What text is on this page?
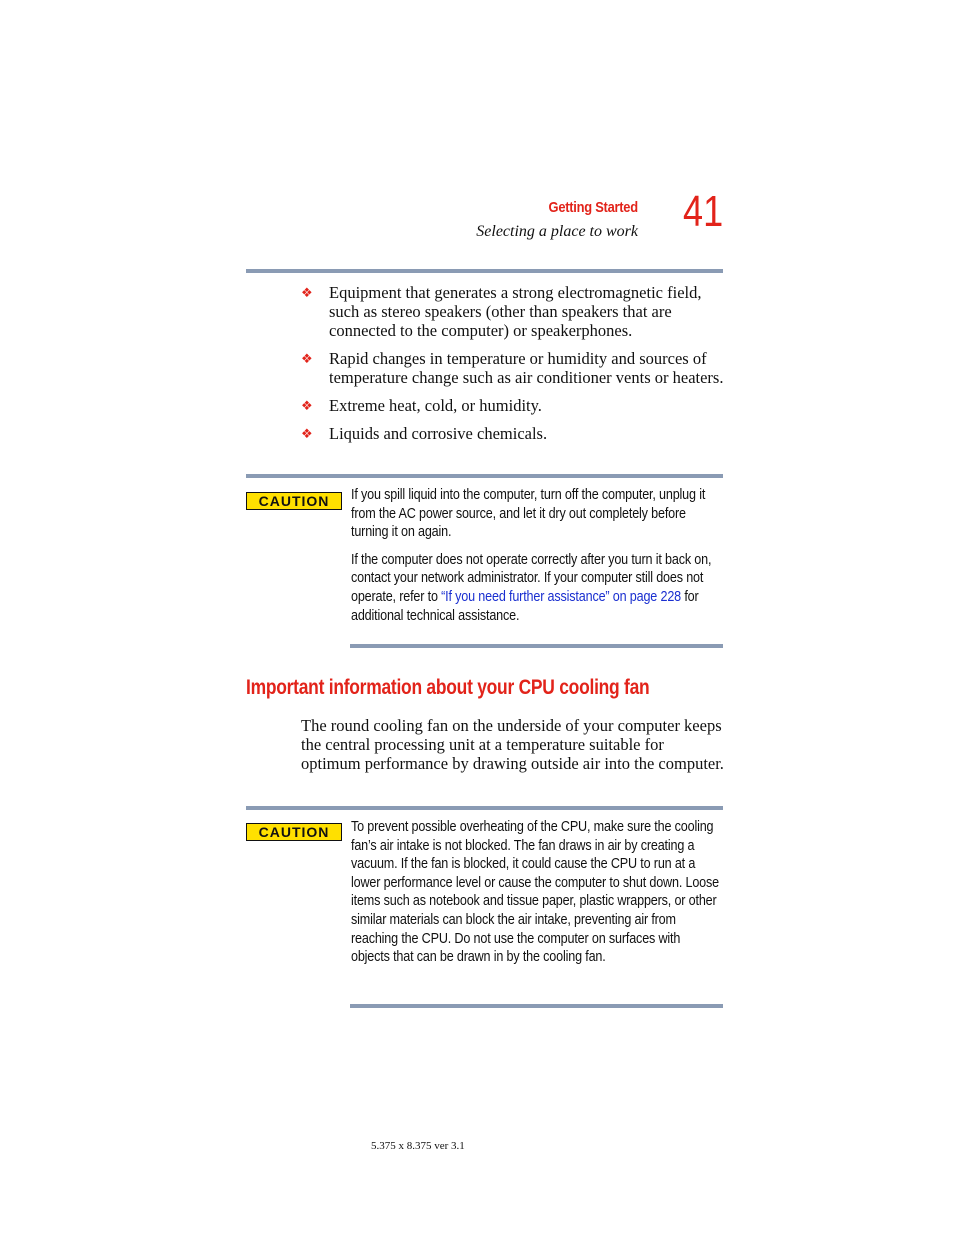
Getting Started
Selecting a place to work 41
❖ Equipment that generates a strong electromagnetic field, such as stereo speakers (other than speakers that are connected to the computer) or speakerphones.
❖ Rapid changes in temperature or humidity and sources of temperature change such as air conditioner vents or heaters.
❖ Extreme heat, cold, or humidity.
❖ Liquids and corrosive chemicals.
CAUTION	If you spill liquid into the computer, turn off the computer, unplug it from the AC power source, and let it dry out completely before turning it on again.

If the computer does not operate correctly after you turn it back on, contact your network administrator. If your computer still does not operate, refer to “If you need further assistance” on page 228 for additional technical assistance.

Important information about your CPU cooling fan
The round cooling fan on the underside of your computer keeps the central processing unit at a temperature suitable for optimum performance by drawing outside air into the computer.
CAUTION	To prevent possible overheating of the CPU, make sure the cooling fan’s air intake is not blocked. The fan draws in air by creating a vacuum. If the fan is blocked, it could cause the CPU to run at a lower performance level or cause the computer to shut down. Loose items such as notebook and tissue paper, plastic wrappers, or other similar materials can block the air intake, preventing air from reaching the CPU. Do not use the computer on surfaces with objects that can be drawn in by the cooling fan.

5.375 x 8.375 ver 3.1
